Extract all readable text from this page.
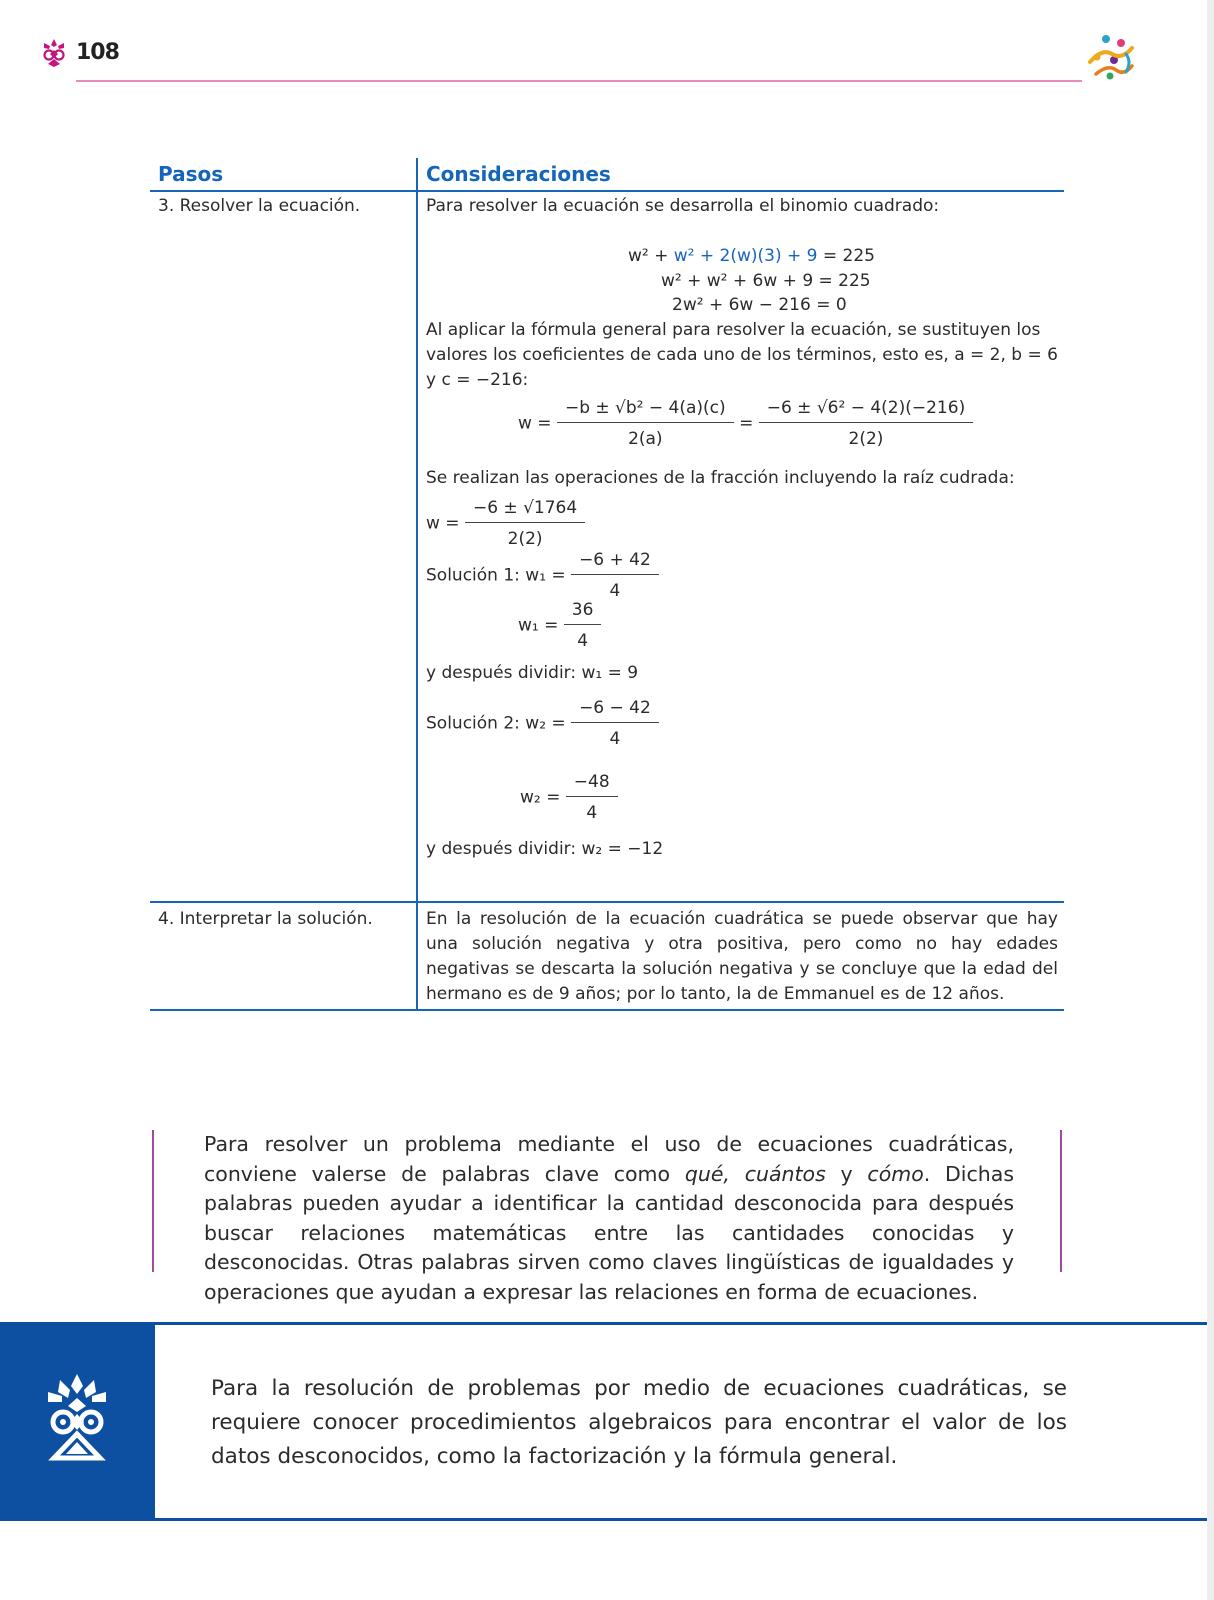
108
Pasos	Consideraciones
3. Resolver la ecuación.	Para resolver la ecuación se desarrolla el binomio cuadrado:
w² + w² + 2(w)(3) + 9 = 225
w² + w² + 6w + 9 = 225
2w² + 6w − 216 = 0
Al aplicar la fórmula general para resolver la ecuación, se sustituyen los valores los coeficientes de cada uno de los términos, esto es, a = 2, b = 6 y c = −216:
$w = \frac{\text{−b ± √b² − 4(a)(c)}}{2(a)} = \frac{\text{−6 ± √6² − 4(2)(−216)}}{2(2)}$
Se realizan las operaciones de la fracción incluyendo la raíz cudrada:
$w = \frac{-6 \pm √1764}{2(2)}$
Solución 1: $w_1 = \frac{-6 + 42}{4}$
$w_1 = \frac{36}{4}$
y después dividir: w₁ = 9
Solución 2: $w_2 = \frac{-6 - 42}{4}$
$w_2 = \frac{-48}{4}$
y después dividir: w₂ = −12
4. Interpretar la solución.	En la resolución de la ecuación cuadrática se puede observar que hay una solución negativa y otra positiva, pero como no hay edades negativas se descarta la solución negativa y se concluye que la edad del hermano es de 9 años; por lo tanto, la de Emmanuel es de 12 años.
Para resolver un problema mediante el uso de ecuaciones cuadráticas, conviene valerse de palabras clave como qué, cuántos y cómo. Dichas palabras pueden ayudar a identificar la cantidad desconocida para después buscar relaciones matemáticas entre las cantidades conocidas y desconocidas. Otras palabras sirven como claves lingüísticas de igualdades y operaciones que ayudan a expresar las relaciones en forma de ecuaciones.
Para la resolución de problemas por medio de ecuaciones cuadráticas, se requiere conocer procedimientos algebraicos para encontrar el valor de los datos desconocidos, como la factorización y la fórmula general.
